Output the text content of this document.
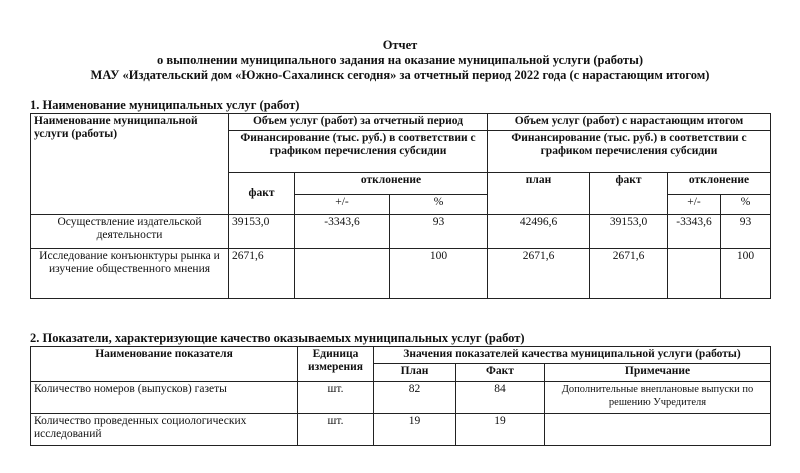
Отчет
о выполнении муниципального задания на оказание муниципальной услуги (работы)
МАУ «Издательский дом «Южно-Сахалинск сегодня» за отчетный период 2022 года (с нарастающим итогом)
1. Наименование муниципальных услуг (работ)
Наименование муниципальной услуги (работы)	Объем услуг (работ) за отчетный период			Объем услуг (работ) с нарастающим итогом			
	Финансирование (тыс. руб.) в соответствии с графиком перечисления субсидии			Финансирование (тыс. руб.) в соответствии с графиком перечисления субсидии			
	факт	отклонение		план	факт	отклонение	
		+/-	%			+/-	%
Осуществление издательской деятельности	39153,0	-3343,6	93	42496,6	39153,0	-3343,6	93
Исследование конъюнктуры рынка и изучение общественного мнения	2671,6		100	2671,6	2671,6		100
2. Показатели, характеризующие качество оказываемых муниципальных услуг (работ)
Наименование показателя	Единица измерения	Значения показателей качества муниципальной услуги (работы)		
		План	Факт	Примечание
Количество номеров (выпусков) газеты	шт.	82	84	Дополнительные внеплановые выпуски по решению Учредителя
Количество проведенных социологических исследований	шт.	19	19	
